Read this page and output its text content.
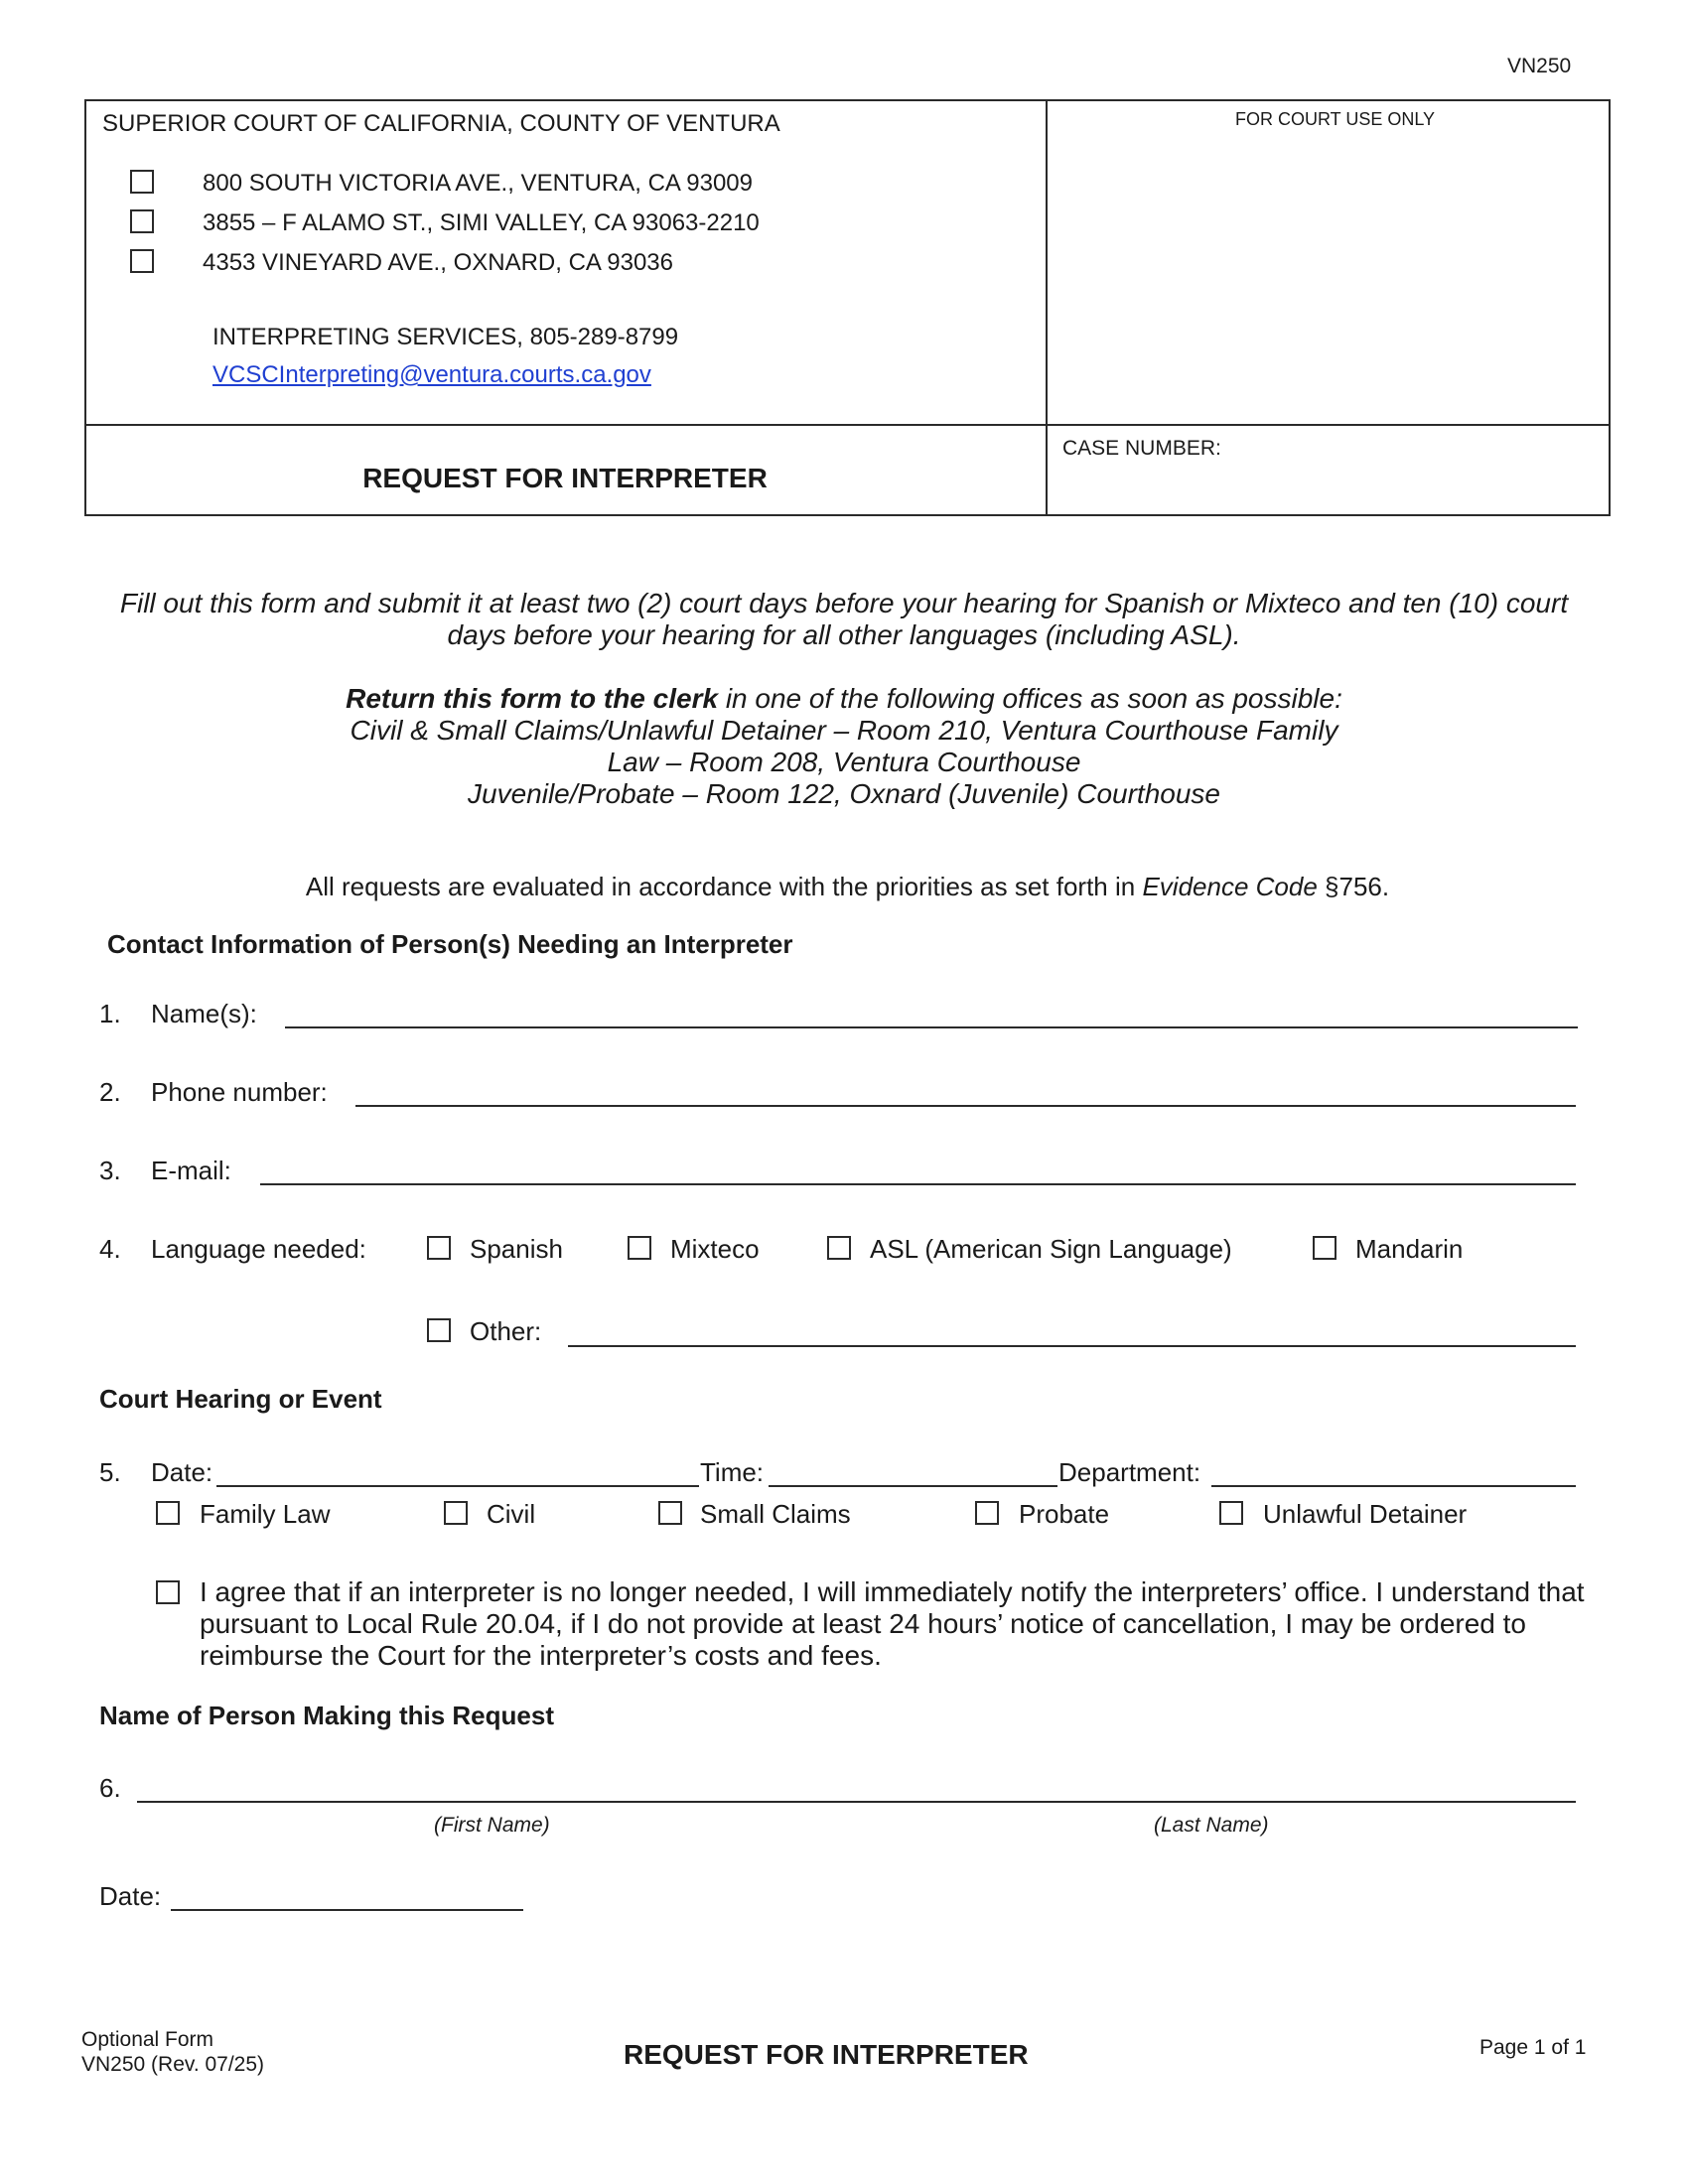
VN250
SUPERIOR COURT OF CALIFORNIA, COUNTY OF VENTURA
800 SOUTH VICTORIA AVE., VENTURA, CA 93009
3855 – F ALAMO ST., SIMI VALLEY, CA 93063-2210
4353 VINEYARD AVE., OXNARD, CA 93036
INTERPRETING SERVICES, 805-289-8799
VCSCInterpreting@ventura.courts.ca.gov
FOR COURT USE ONLY
REQUEST FOR INTERPRETER
CASE NUMBER:
Fill out this form and submit it at least two (2) court days before your hearing for Spanish or Mixteco and ten (10) court
days before your hearing for all other languages (including ASL).
Return this form to the clerk in one of the following offices as soon as possible:
Civil & Small Claims/Unlawful Detainer – Room 210, Ventura Courthouse Family
Law – Room 208, Ventura Courthouse
Juvenile/Probate – Room 122, Oxnard (Juvenile) Courthouse
All requests are evaluated in accordance with the priorities as set forth in Evidence Code §756.
Contact Information of Person(s) Needing an Interpreter
1. Name(s):
2. Phone number:
3. E-mail:
4. Language needed:	Spanish	Mixteco	ASL (American Sign Language)	Mandarin
Other:
Court Hearing or Event
5. Date:	Time:	Department:
Family Law	Civil	Small Claims	Probate	Unlawful Detainer
I agree that if an interpreter is no longer needed, I will immediately notify the interpreters’ office. I understand that pursuant to Local Rule 20.04, if I do not provide at least 24 hours’ notice of cancellation, I may be ordered to reimburse the Court for the interpreter’s costs and fees.
Name of Person Making this Request
6.
(First Name)	(Last Name)
Date:
Optional Form
VN250 (Rev. 07/25)	REQUEST FOR INTERPRETER	Page 1 of 1
